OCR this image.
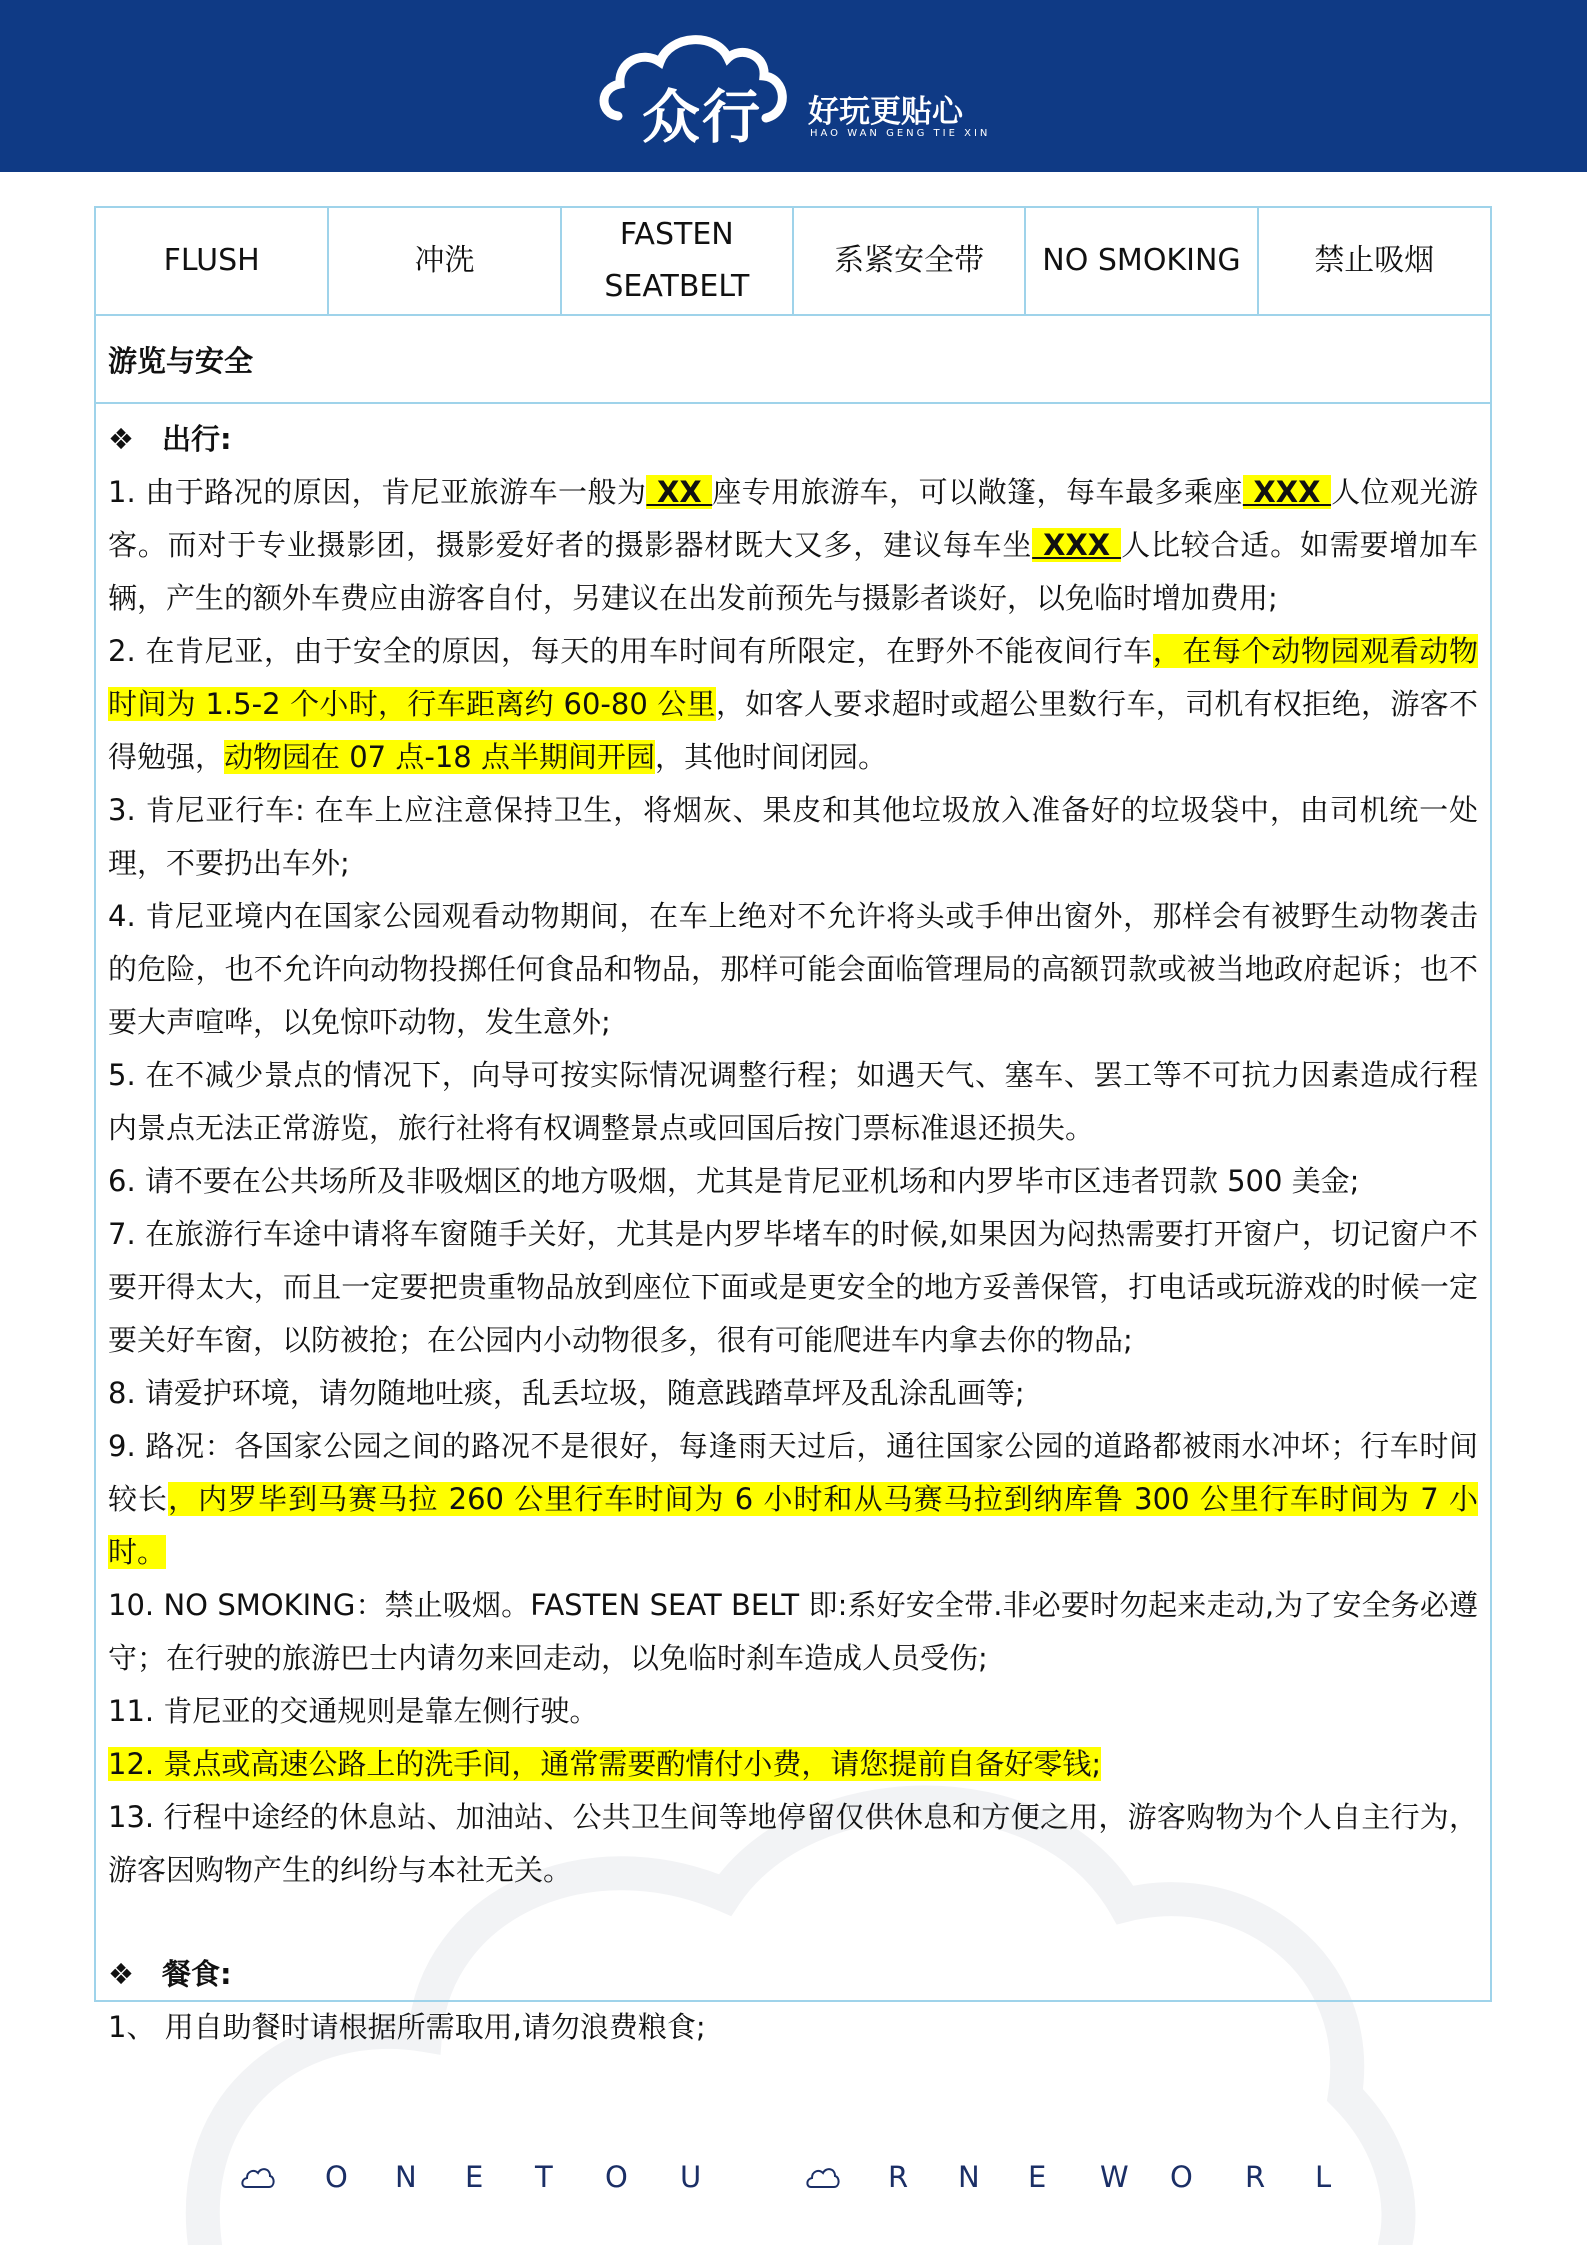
众行 好玩更贴心
HAO WAN GENG TIE XIN
FLUSH	冲洗	FASTEN SEATBELT	系紧安全带	NO SMOKING	禁止吸烟
游览与安全
❖ 出行:

1. 由于路况的原因，肯尼亚旅游车一般为 XX 座专用旅游车，可以敞篷，每车最多乘座 XXX 人位观光游客。而对于专业摄影团，摄影爱好者的摄影器材既大又多，建议每车坐 XXX 人比较合适。如需要增加车辆，产生的额外车费应由游客自付，另建议在出发前预先与摄影者谈好，以免临时增加费用;

2. 在肯尼亚，由于安全的原因，每天的用车时间有所限定，在野外不能夜间行车，在每个动物园观看动物时间为 1.5-2 个小时，行车距离约 60-80 公里，如客人要求超时或超公里数行车，司机有权拒绝，游客不得勉强，动物园在 07 点-18 点半期间开园，其他时间闭园。

3. 肯尼亚行车: 在车上应注意保持卫生，将烟灰、果皮和其他垃圾放入准备好的垃圾袋中，由司机统一处理，不要扔出车外;

4. 肯尼亚境内在国家公园观看动物期间，在车上绝对不允许将头或手伸出窗外，那样会有被野生动物袭击的危险，也不允许向动物投掷任何食品和物品，那样可能会面临管理局的高额罚款或被当地政府起诉；也不要大声喧哗，以免惊吓动物，发生意外;

5. 在不减少景点的情况下，向导可按实际情况调整行程；如遇天气、塞车、罢工等不可抗力因素造成行程内景点无法正常游览，旅行社将有权调整景点或回国后按门票标准退还损失。

6. 请不要在公共场所及非吸烟区的地方吸烟，尤其是肯尼亚机场和内罗毕市区违者罚款 500 美金;

7. 在旅游行车途中请将车窗随手关好，尤其是内罗毕堵车的时候,如果因为闷热需要打开窗户，切记窗户不要开得太大，而且一定要把贵重物品放到座位下面或是更安全的地方妥善保管，打电话或玩游戏的时候一定要关好车窗，以防被抢；在公园内小动物很多，很有可能爬进车内拿去你的物品;

8. 请爱护环境，请勿随地吐痰，乱丢垃圾，随意践踏草坪及乱涂乱画等;

9. 路况：各国家公园之间的路况不是很好，每逢雨天过后，通往国家公园的道路都被雨水冲坏；行车时间较长，内罗毕到马赛马拉 260 公里行车时间为 6 小时和从马赛马拉到纳库鲁 300 公里行车时间为 7 小时。

10. NO SMOKING：禁止吸烟。FASTEN SEAT BELT 即:系好安全带.非必要时勿起来走动,为了安全务必遵守；在行驶的旅游巴士内请勿来回走动，以免临时刹车造成人员受伤;

11. 肯尼亚的交通规则是靠左侧行驶。

12. 景点或高速公路上的洗手间，通常需要酌情付小费，请您提前自备好零钱;

13. 行程中途经的休息站、加油站、公共卫生间等地停留仅供休息和方便之用，游客购物为个人自主行为，游客因购物产生的纠纷与本社无关。

❖ 餐食:

1、 用自助餐时请根据所需取用,请勿浪费粮食;

O N E T O U	R N E W O R L
